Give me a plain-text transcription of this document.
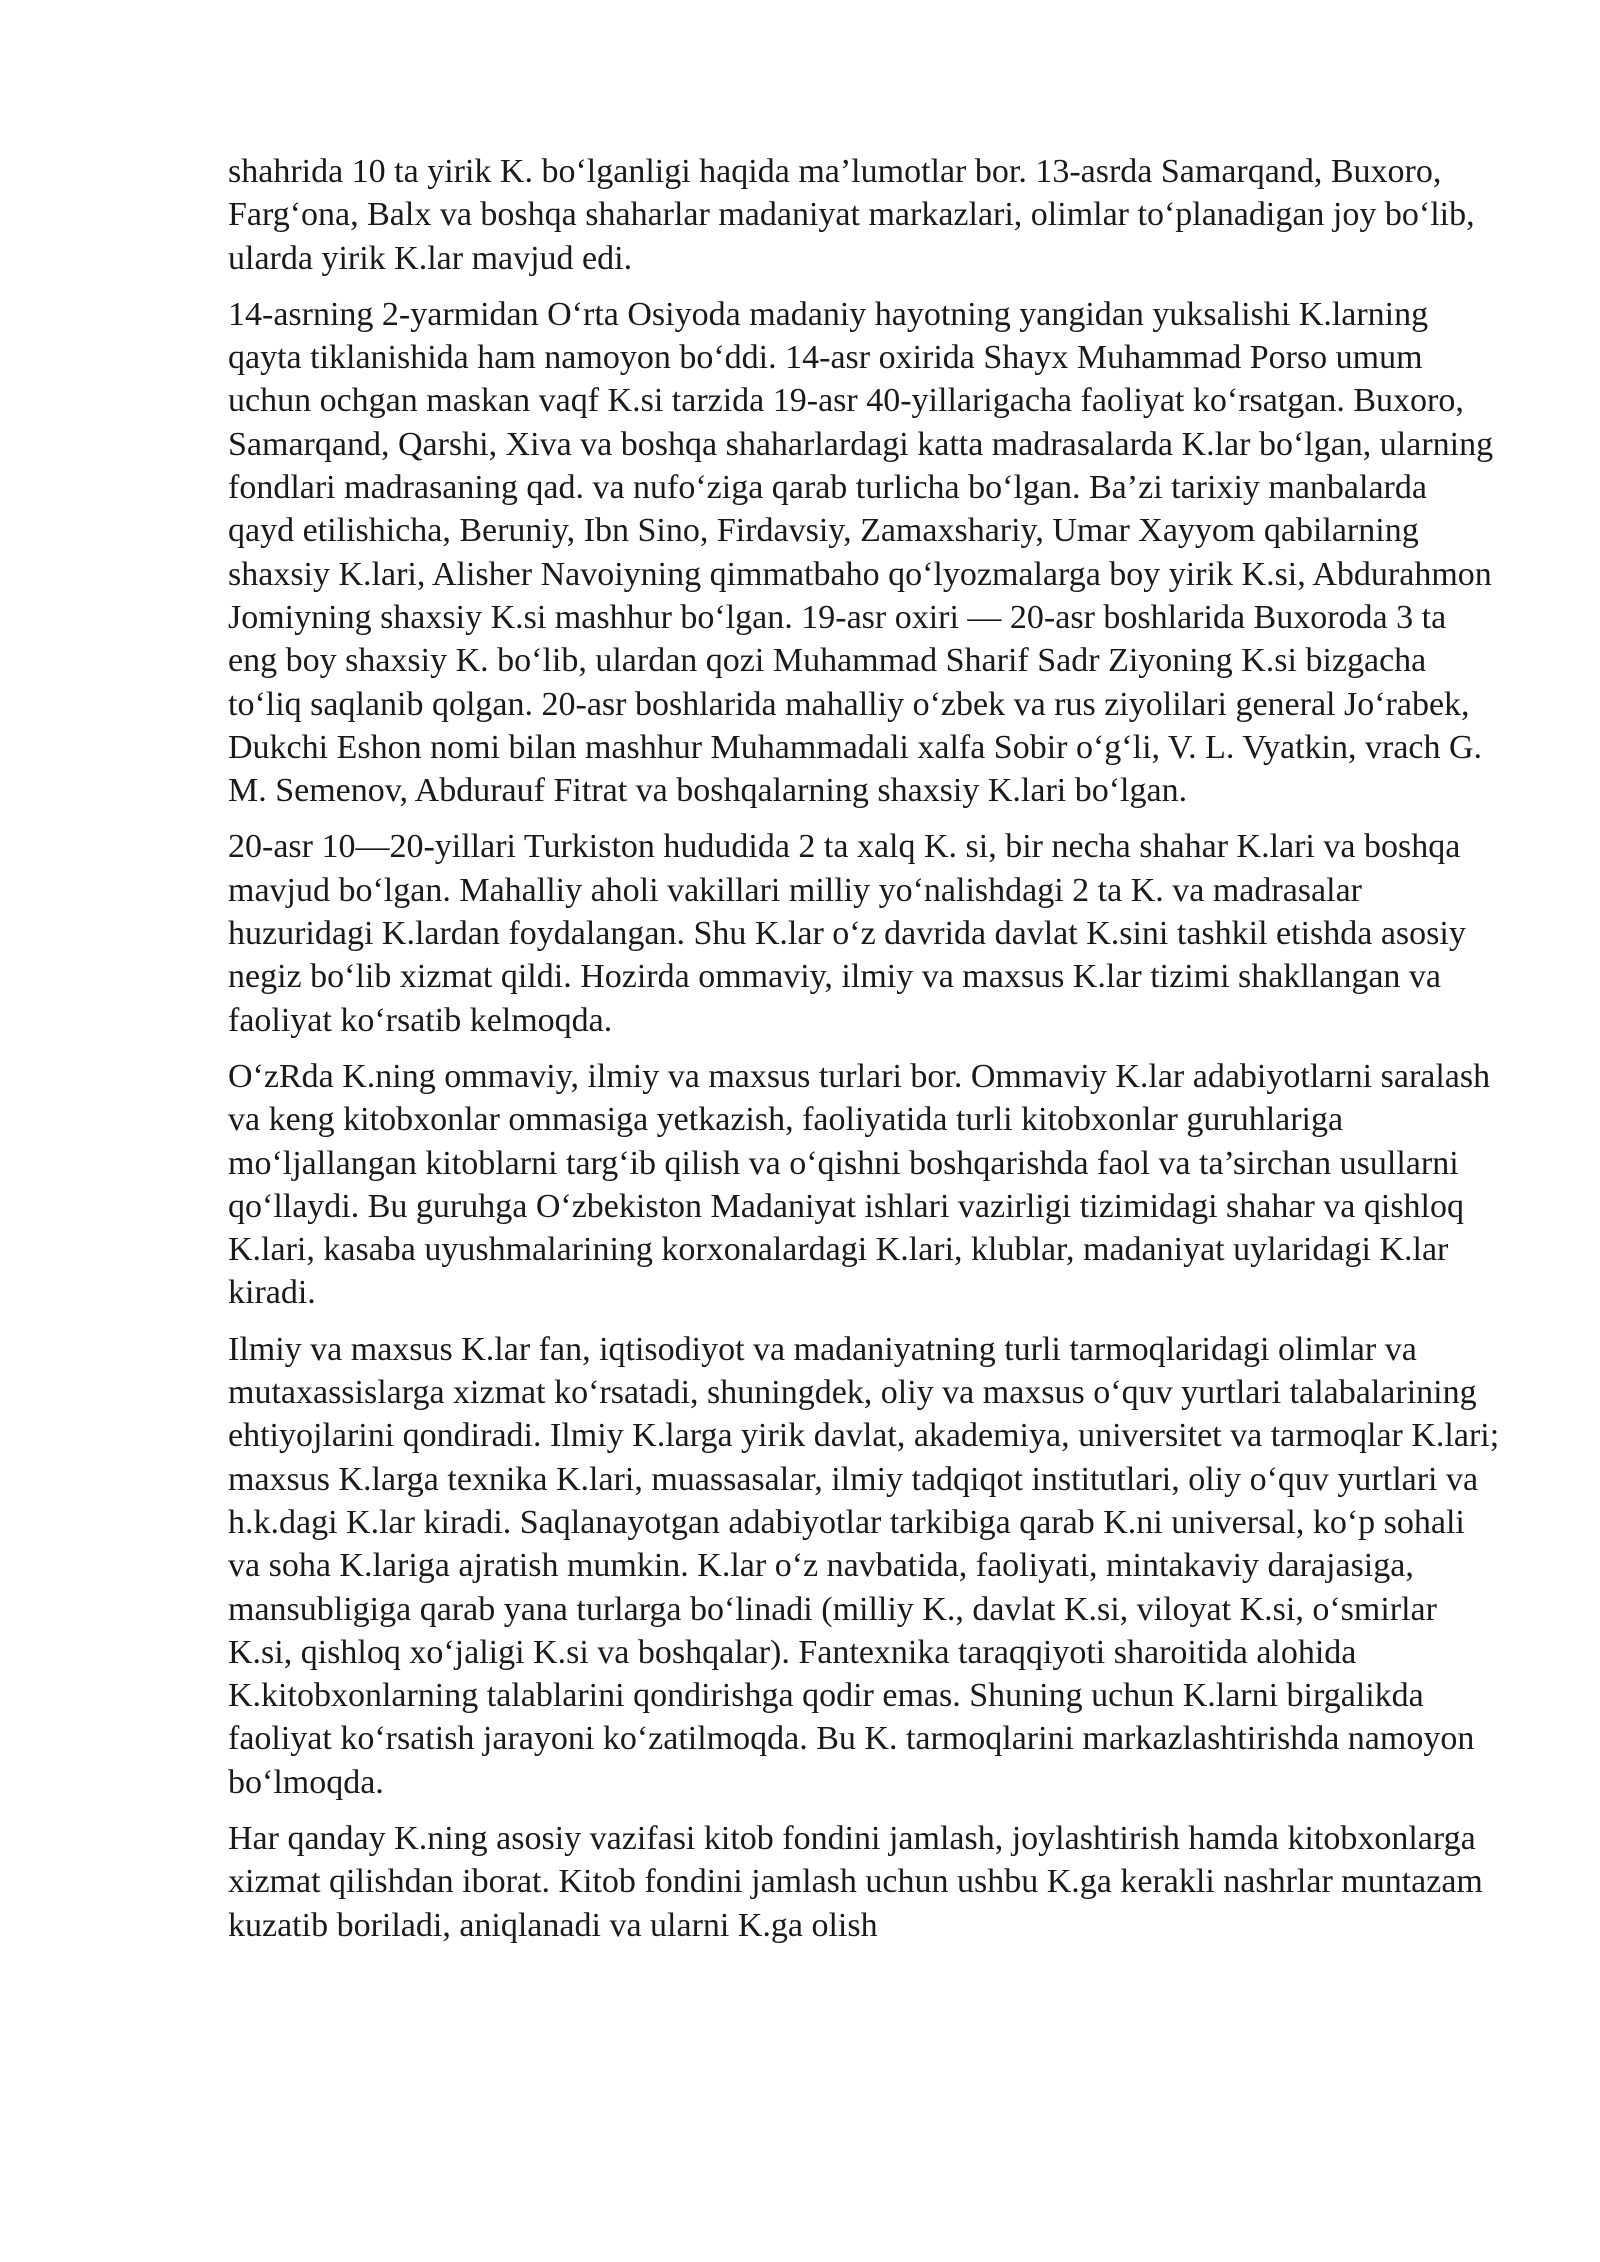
shahrida 10 ta yirik K. bo‘lganligi haqida ma’lumotlar bor. 13-asrda Samarqand, Buxoro, Farg‘ona, Balx va boshqa shaharlar madaniyat markazlari, olimlar to‘planadigan joy bo‘lib, ularda yirik K.lar mavjud edi.

14-asrning 2-yarmidan O‘rta Osiyoda madaniy hayotning yangidan yuksalishi K.larning qayta tiklanishida ham namoyon bo‘ddi. 14-asr oxirida Shayx Muhammad Porso umum uchun ochgan maskan vaqf K.si tarzida 19-asr 40-yillarigacha faoliyat ko‘rsatgan. Buxoro, Samarqand, Qarshi, Xiva va boshqa shaharlardagi katta madrasalarda K.lar bo‘lgan, ularning fondlari madrasaning qad. va nufo‘ziga qarab turlicha bo‘lgan. Ba’zi tarixiy manbalarda qayd etilishicha, Beruniy, Ibn Sino, Firdavsiy, Zamaxshariy, Umar Xayyom qabilarning shaxsiy K.lari, Alisher Navoiyning qimmatbaho qo‘lyozmalarga boy yirik K.si, Abdurahmon Jomiyning shaxsiy K.si mashhur bo‘lgan. 19-asr oxiri — 20-asr boshlarida Buxoroda 3 ta eng boy shaxsiy K. bo‘lib, ulardan qozi Muhammad Sharif Sadr Ziyoning K.si bizgacha to‘liq saqlanib qolgan. 20-asr boshlarida mahalliy o‘zbek va rus ziyolilari general Jo‘rabek, Dukchi Eshon nomi bilan mashhur Muhammadali xalfa Sobir o‘g‘li, V. L. Vyatkin, vrach G. M. Semenov, Abdurauf Fitrat va boshqalarning shaxsiy K.lari bo‘lgan.

20-asr 10—20-yillari Turkiston hududida 2 ta xalq K. si, bir necha shahar K.lari va boshqa mavjud bo‘lgan. Mahalliy aholi vakillari milliy yo‘nalishdagi 2 ta K. va madrasalar huzuridagi K.lardan foydalangan. Shu K.lar o‘z davrida davlat K.sini tashkil etishda asosiy negiz bo‘lib xizmat qildi. Hozirda ommaviy, ilmiy va maxsus K.lar tizimi shakllangan va faoliyat ko‘rsatib kelmoqda.

O‘zRda K.ning ommaviy, ilmiy va maxsus turlari bor. Ommaviy K.lar adabiyotlarni saralash va keng kitobxonlar ommasiga yetkazish, faoliyatida turli kitobxonlar guruhlariga mo‘ljallangan kitoblarni targ‘ib qilish va o‘qishni boshqarishda faol va ta’sirchan usullarni qo‘llaydi. Bu guruhga O‘zbekiston Madaniyat ishlari vazirligi tizimidagi shahar va qishloq K.lari, kasaba uyushmalarining korxonalardagi K.lari, klublar, madaniyat uylaridagi K.lar kiradi.

Ilmiy va maxsus K.lar fan, iqtisodiyot va madaniyatning turli tarmoqlaridagi olimlar va mutaxassislarga xizmat ko‘rsatadi, shuningdek, oliy va maxsus o‘quv yurtlari talabalarining ehtiyojlarini qondiradi. Ilmiy K.larga yirik davlat, akademiya, universitet va tarmoqlar K.lari; maxsus K.larga texnika K.lari, muassasalar, ilmiy tadqiqot institutlari, oliy o‘quv yurtlari va h.k.dagi K.lar kiradi. Saqlanayotgan adabiyotlar tarkibiga qarab K.ni universal, ko‘p sohali va soha K.lariga ajratish mumkin. K.lar o‘z navbatida, faoliyati, mintakaviy darajasiga, mansubligiga qarab yana turlarga bo‘linadi (milliy K., davlat K.si, viloyat K.si, o‘smirlar K.si, qishloq xo‘jaligi K.si va boshqalar). Fantexnika taraqqiyoti sharoitida alohida K.kitobxonlarning talablarini qondirishga qodir emas. Shuning uchun K.larni birgalikda faoliyat ko‘rsatish jarayoni ko‘zatilmoqda. Bu K. tarmoqlarini markazlashtirishda namoyon bo‘lmoqda.

Har qanday K.ning asosiy vazifasi kitob fondini jamlash, joylashtirish hamda kitobxonlarga xizmat qilishdan iborat. Kitob fondini jamlash uchun ushbu K.ga kerakli nashrlar muntazam kuzatib boriladi, aniqlanadi va ularni K.ga olish
